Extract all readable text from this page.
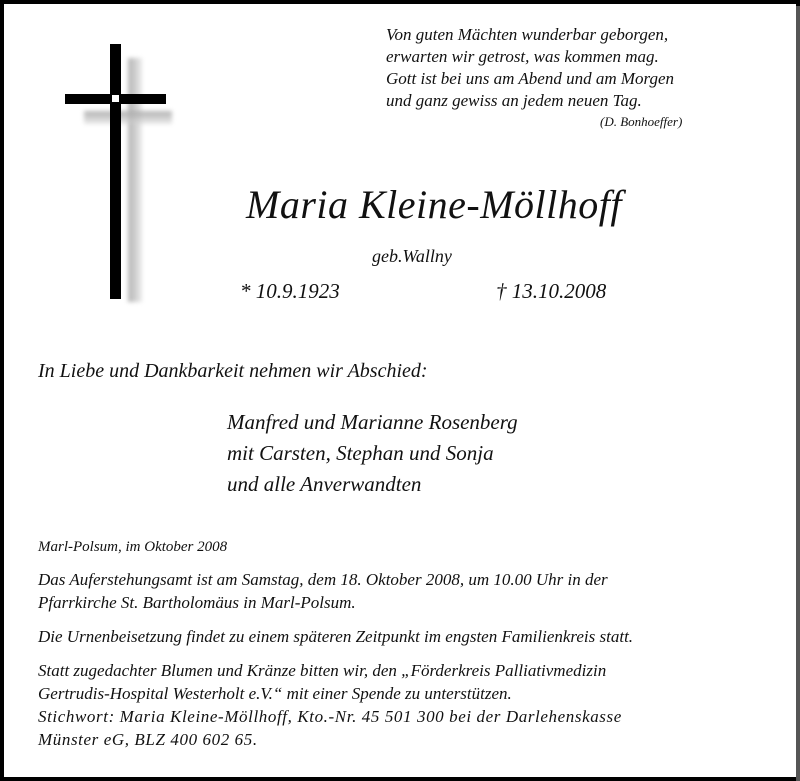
Von guten Mächten wunderbar geborgen,
erwarten wir getrost, was kommen mag.
Gott ist bei uns am Abend und am Morgen
und ganz gewiss an jedem neuen Tag.
(D. Bonhoeffer)
Maria Kleine-Möllhoff
geb.Wallny
* 10.9.1923	† 13.10.2008
In Liebe und Dankbarkeit nehmen wir Abschied:
Manfred und Marianne Rosenberg
mit Carsten, Stephan und Sonja
und alle Anverwandten
Marl-Polsum, im Oktober 2008
Das Auferstehungsamt ist am Samstag, dem 18. Oktober 2008, um 10.00 Uhr in der
Pfarrkirche St. Bartholomäus in Marl-Polsum.
Die Urnenbeisetzung findet zu einem späteren Zeitpunkt im engsten Familienkreis statt.
Statt zugedachter Blumen und Kränze bitten wir, den „Förderkreis Palliativmedizin
Gertrudis-Hospital Westerholt e.V.“ mit einer Spende zu unterstützen.
Stichwort: Maria Kleine-Möllhoff, Kto.-Nr. 45 501 300 bei der Darlehenskasse
Münster eG, BLZ 400 602 65.
